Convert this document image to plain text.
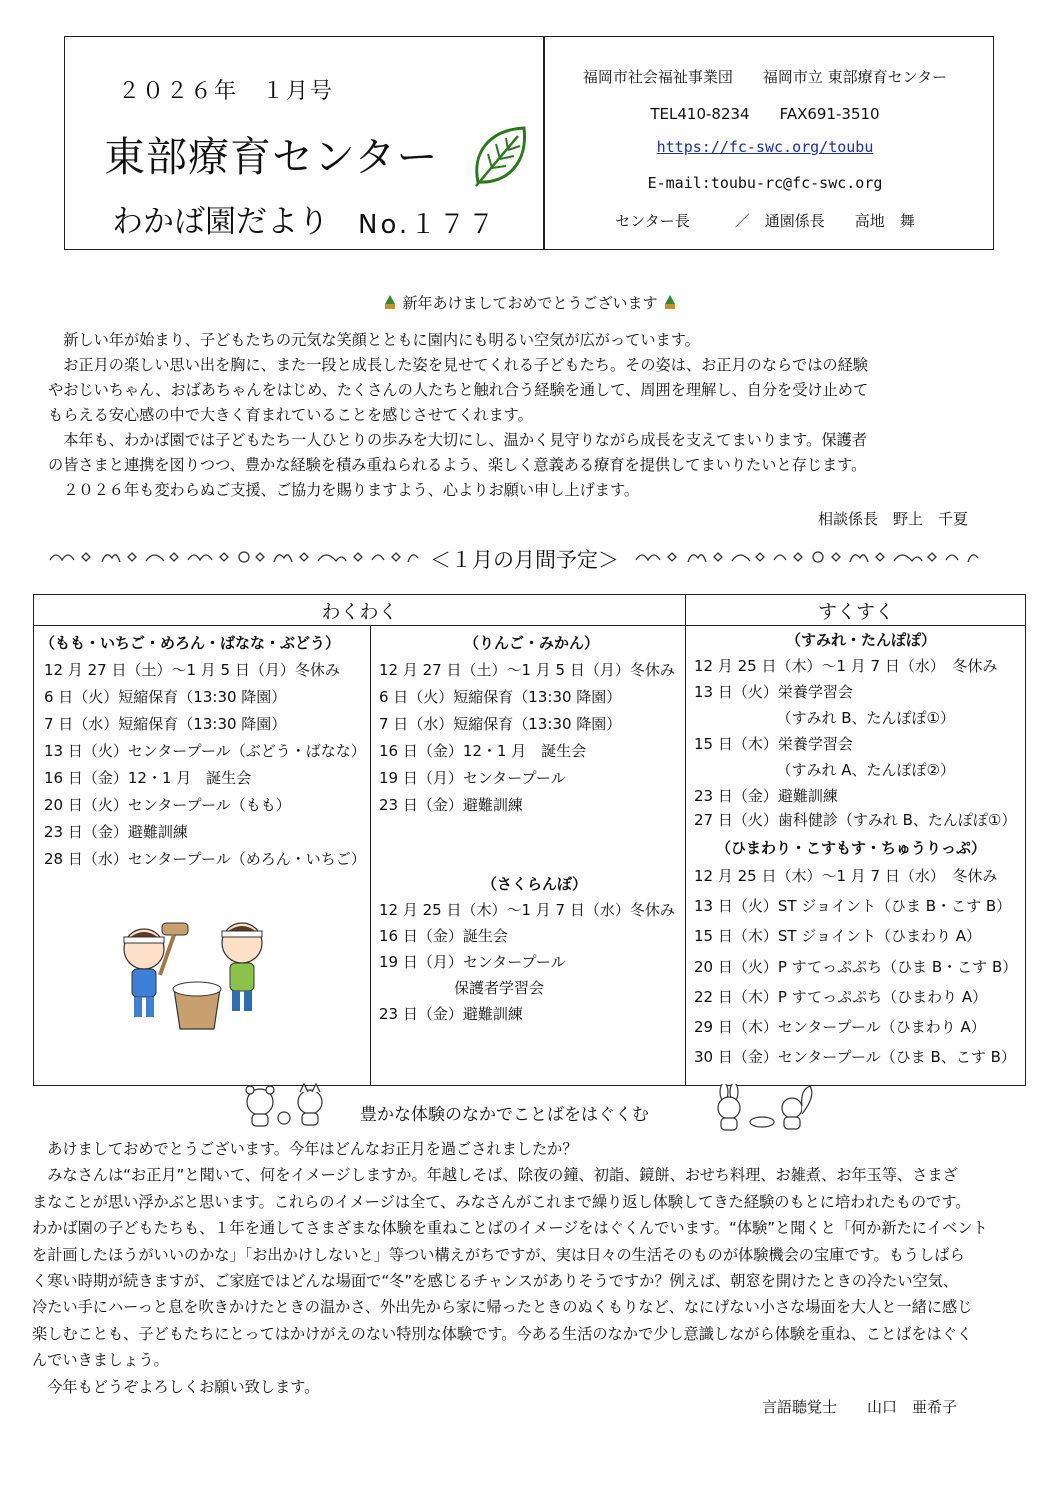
２０２６年　１月号
東部療育センター
わかば園だより No.１７７
福岡市社会福祉事業団　　福岡市立 東部療育センター
TEL410-8234　　FAX691-3510
https://fc-swc.org/toubu
E-mail:toubu-rc@fc-swc.org
センター長　　　／　通園係長　　高地　舞
新年あけましておめでとうございます
　新しい年が始まり、子どもたちの元気な笑顔とともに園内にも明るい空気が広がっています。
　お正月の楽しい思い出を胸に、また一段と成長した姿を見せてくれる子どもたち。その姿は、お正月のならではの経験
やおじいちゃん、おばあちゃんをはじめ、たくさんの人たちと触れ合う経験を通して、周囲を理解し、自分を受け止めて
もらえる安心感の中で大きく育まれていることを感じさせてくれます。
　本年も、わかば園では子どもたち一人ひとりの歩みを大切にし、温かく見守りながら成長を支えてまいります。保護者
の皆さまと連携を図りつつ、豊かな経験を積み重ねられるよう、楽しく意義ある療育を提供してまいりたいと存じます。
　２０２６年も変わらぬご支援、ご協力を賜りますよう、心よりお願い申し上げます。
相談係長　野上　千夏
＜１月の月間予定＞
わくわく	すくすく
（もも・いちご・めろん・ばなな・ぶどう）
12 月 27 日（土）～1 月 5 日（月）冬休み
6 日（火）短縮保育（13:30 降園）
7 日（水）短縮保育（13:30 降園）
13 日（火）センタープール（ぶどう・ばなな）
16 日（金）12・1 月　誕生会
20 日（火）センタープール（もも）
23 日（金）避難訓練
28 日（水）センタープール（めろん・いちご）
（りんご・みかん）
12 月 27 日（土）～1 月 5 日（月）冬休み
6 日（火）短縮保育（13:30 降園）
7 日（水）短縮保育（13:30 降園）
16 日（金）12・1 月　誕生会
19 日（月）センタープール
23 日（金）避難訓練
（さくらんぼ）
12 月 25 日（木）～1 月 7 日（水）冬休み
16 日（金）誕生会
19 日（月）センタープール
　　　　　保護者学習会
23 日（金）避難訓練
（すみれ・たんぽぽ）
12 月 25 日（木）～1 月 7 日（水）　冬休み
13 日（火）栄養学習会
　　　　　　（すみれ B、たんぽぽ①）
15 日（木）栄養学習会
　　　　　　（すみれ A、たんぽぽ②）
23 日（金）避難訓練
27 日（火）歯科健診（すみれ B、たんぽぽ①）
（ひまわり・こすもす・ちゅうりっぷ）
12 月 25 日（木）～1 月 7 日（水）　冬休み
13 日（火）ST ジョイント（ひま B・こす B）
15 日（木）ST ジョイント（ひまわり A）
20 日（火）P すてっぷぷち（ひま B・こす B）
22 日（木）P すてっぷぷち（ひまわり A）
29 日（木）センタープール（ひまわり A）
30 日（金）センタープール（ひま B、こす B）
豊かな体験のなかでことばをはぐくむ
　あけましておめでとうございます。今年はどんなお正月を過ごされましたか？
　みなさんは“お正月”と聞いて、何をイメージしますか。年越しそば、除夜の鐘、初詣、鏡餅、おせち料理、お雑煮、お年玉等、さまざ
まなことが思い浮かぶと思います。これらのイメージは全て、みなさんがこれまで繰り返し体験してきた経験のもとに培われたものです。
わかば園の子どもたちも、１年を通してさまざまな体験を重ねことばのイメージをはぐくんでいます。“体験”と聞くと「何か新たにイベント
を計画したほうがいいのかな」「お出かけしないと」等つい構えがちですが、実は日々の生活そのものが体験機会の宝庫です。もうしばら
く寒い時期が続きますが、ご家庭ではどんな場面で“冬”を感じるチャンスがありそうですか？例えば、朝窓を開けたときの冷たい空気、
冷たい手にハーっと息を吹きかけたときの温かさ、外出先から家に帰ったときのぬくもりなど、なにげない小さな場面を大人と一緒に感じ
楽しむことも、子どもたちにとってはかけがえのない特別な体験です。今ある生活のなかで少し意識しながら体験を重ね、ことばをはぐく
んでいきましょう。
　今年もどうぞよろしくお願い致します。
言語聴覚士　　山口　亜希子
